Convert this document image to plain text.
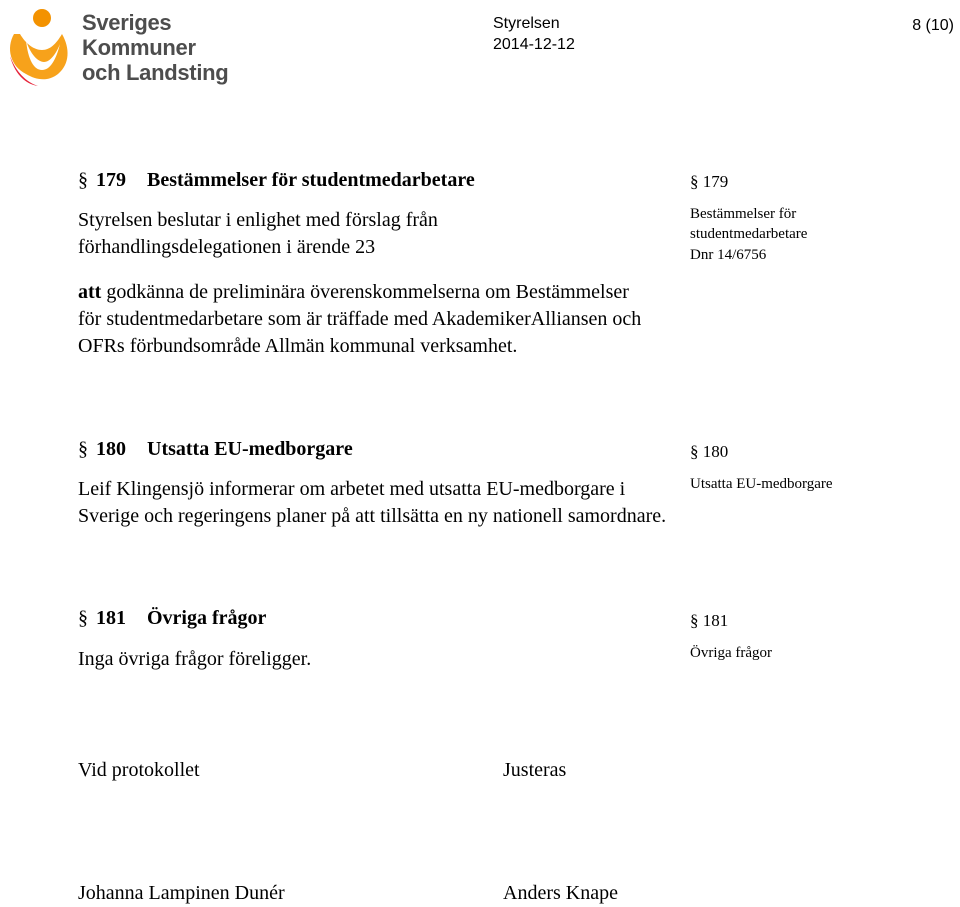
Sveriges
Kommuner
och Landsting
Styrelsen
2014-12-12
8 (10)
§ 179 Bestämmelser för studentmedarbetare
Styrelsen beslutar i enlighet med förslag från förhandlingsdelegationen i ärende 23
att godkänna de preliminära överenskommelserna om Bestämmelser för studentmedarbetare som är träffade med AkademikerAlliansen och OFRs förbundsområde Allmän kommunal verksamhet.
§ 179
Bestämmelser för studentmedarbetare
Dnr 14/6756
§ 180 Utsatta EU-medborgare
Leif Klingensjö informerar om arbetet med utsatta EU-medborgare i Sverige och regeringens planer på att tillsätta en ny nationell samordnare.
§ 180
Utsatta EU-medborgare
§ 181 Övriga frågor
Inga övriga frågor föreligger.
§ 181
Övriga frågor
Vid protokollet	Justeras
Johanna Lampinen Dunér	Anders Knape
